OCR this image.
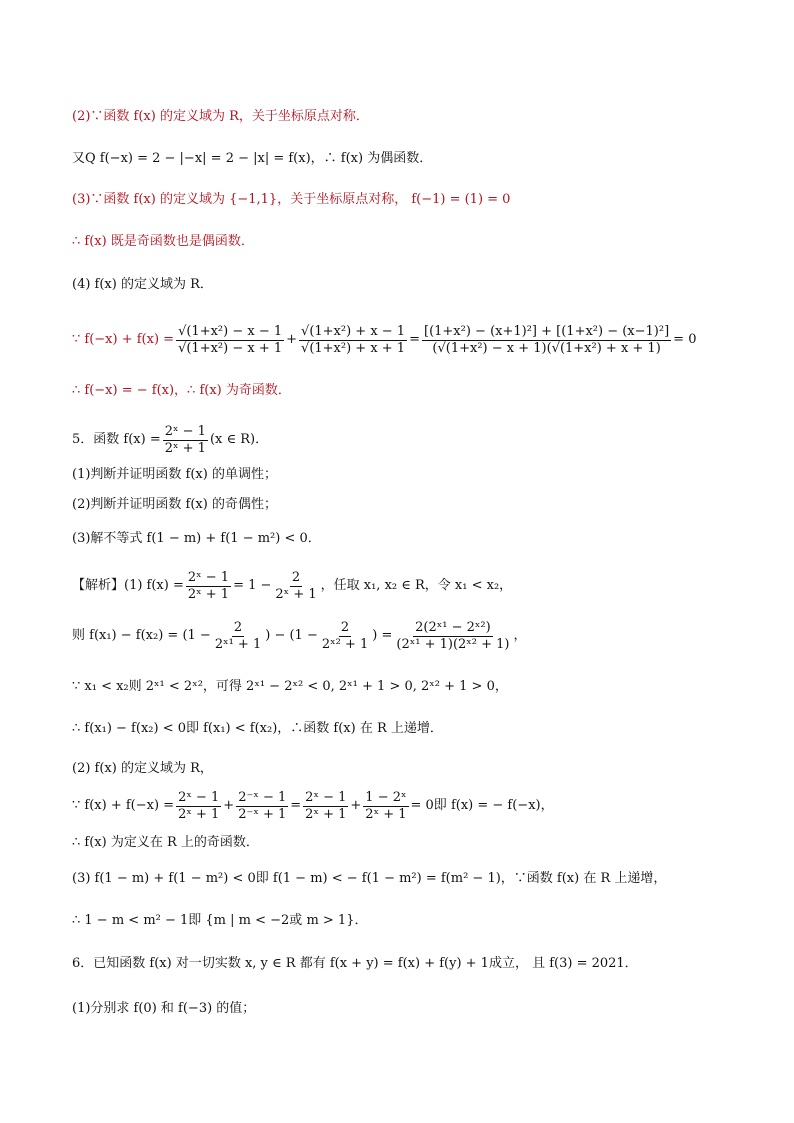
(2)∵函数 f(x) 的定义域为 R，关于坐标原点对称．
又Q f(−x) = 2 − |−x| = 2 − |x| = f(x)，∴ f(x) 为偶函数．
(3)∵函数 f(x) 的定义域为 {−1,1}，关于坐标原点对称， f(−1) = (1) = 0
∴ f(x) 既是奇函数也是偶函数．
(4) f(x) 的定义域为 R．
∵ $f(-x) + f(x) = \frac{\text{√(1+x²) − x − 1}}{\text{√(1+x²) − x + 1}} + \frac{\text{√(1+x²) + x − 1}}{\text{√(1+x²) + x + 1}} = \frac{\text{[(1+x²) − (x+1)²] + [(1+x²) − (x−1)²]}}{\text{(√(1+x²) − x + 1)(√(1+x²) + x + 1)}} = 0$
∴ f(−x) = − f(x)，∴ f(x) 为奇函数．
5．函数 $f(x) = \frac{\text{2ˣ − 1}}{\text{2ˣ + 1}} (x$ ∈ R)．
(1)判断并证明函数 f(x) 的单调性；
(2)判断并证明函数 f(x) 的奇偶性；
(3)解不等式 f(1 − m) + f(1 − m²) < 0．
【解析】(1) $f(x) = \frac{\text{2ˣ − 1}}{\text{2ˣ + 1}} = 1 - \frac{2}{\text{2ˣ + 1}}$ ，任取 x₁, x₂ ∈ R，令 x₁ < x₂，
则 $f(x_1) - f(x_2) = (1 - \frac{2}{\text{2ˣ¹ + 1}}$ ) − ($1 - \frac{2}{\text{2ˣ² + 1}}$ ) = $\frac{\text{2(2ˣ¹ − 2ˣ²)}}{\text{(2ˣ¹ + 1)(2ˣ² + 1)}}$ ，
∵ x₁ < x₂则 2ˣ¹ < 2ˣ²，可得 2ˣ¹ − 2ˣ² < 0, 2ˣ¹ + 1 > 0, 2ˣ² + 1 > 0，
∴ f(x₁) − f(x₂) < 0即 f(x₁) < f(x₂)，∴函数 f(x) 在 R 上递增．
(2) f(x) 的定义域为 R，
∵ $f(x) + f(-x) = \frac{\text{2ˣ − 1}}{\text{2ˣ + 1}} + \frac{\text{2⁻ˣ − 1}}{\text{2⁻ˣ + 1}} = \frac{\text{2ˣ − 1}}{\text{2ˣ + 1}} + \frac{\text{1 − 2ˣ}}{\text{2ˣ + 1}} = 0$即 f(x) = − f(−x)，
∴ f(x) 为定义在 R 上的奇函数．
(3) f(1 − m) + f(1 − m²) < 0即 f(1 − m) < − f(1 − m²) = f(m² − 1)，∵函数 f(x) 在 R 上递增，
∴ 1 − m < m² − 1即 {m | m < −2或 m > 1}．
6．已知函数 f(x) 对一切实数 x, y ∈ R 都有 f(x + y) = f(x) + f(y) + 1成立， 且 f(3) = 2021．
(1)分别求 f(0) 和 f(−3) 的值；
